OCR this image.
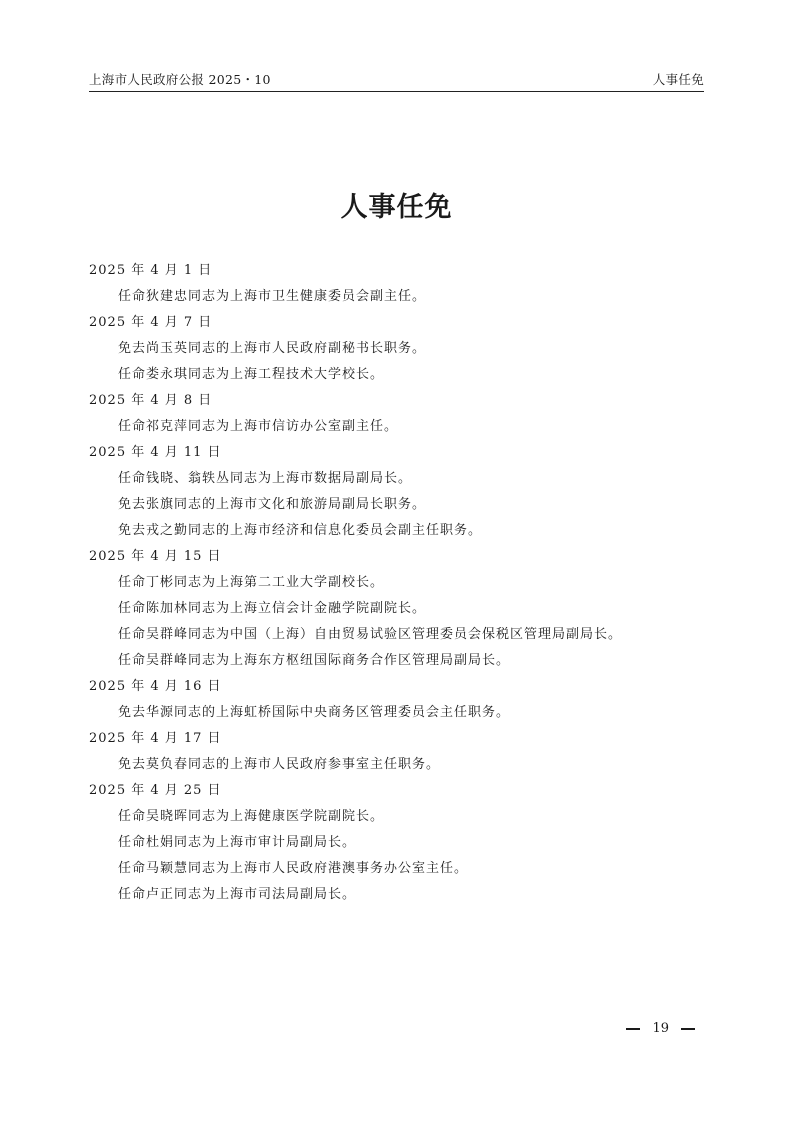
上海市人民政府公报 2025・10	人事任免
人事任免
2025 年 4 月 1 日
任命狄建忠同志为上海市卫生健康委员会副主任。
2025 年 4 月 7 日
免去尚玉英同志的上海市人民政府副秘书长职务。
任命娄永琪同志为上海工程技术大学校长。
2025 年 4 月 8 日
任命祁克萍同志为上海市信访办公室副主任。
2025 年 4 月 11 日
任命钱晓、翁轶丛同志为上海市数据局副局长。
免去张旗同志的上海市文化和旅游局副局长职务。
免去戎之勤同志的上海市经济和信息化委员会副主任职务。
2025 年 4 月 15 日
任命丁彬同志为上海第二工业大学副校长。
任命陈加林同志为上海立信会计金融学院副院长。
任命吴群峰同志为中国（上海）自由贸易试验区管理委员会保税区管理局副局长。
任命吴群峰同志为上海东方枢纽国际商务合作区管理局副局长。
2025 年 4 月 16 日
免去华源同志的上海虹桥国际中央商务区管理委员会主任职务。
2025 年 4 月 17 日
免去莫负春同志的上海市人民政府参事室主任职务。
2025 年 4 月 25 日
任命吴晓晖同志为上海健康医学院副院长。
任命杜娟同志为上海市审计局副局长。
任命马颖慧同志为上海市人民政府港澳事务办公室主任。
任命卢正同志为上海市司法局副局长。
19
